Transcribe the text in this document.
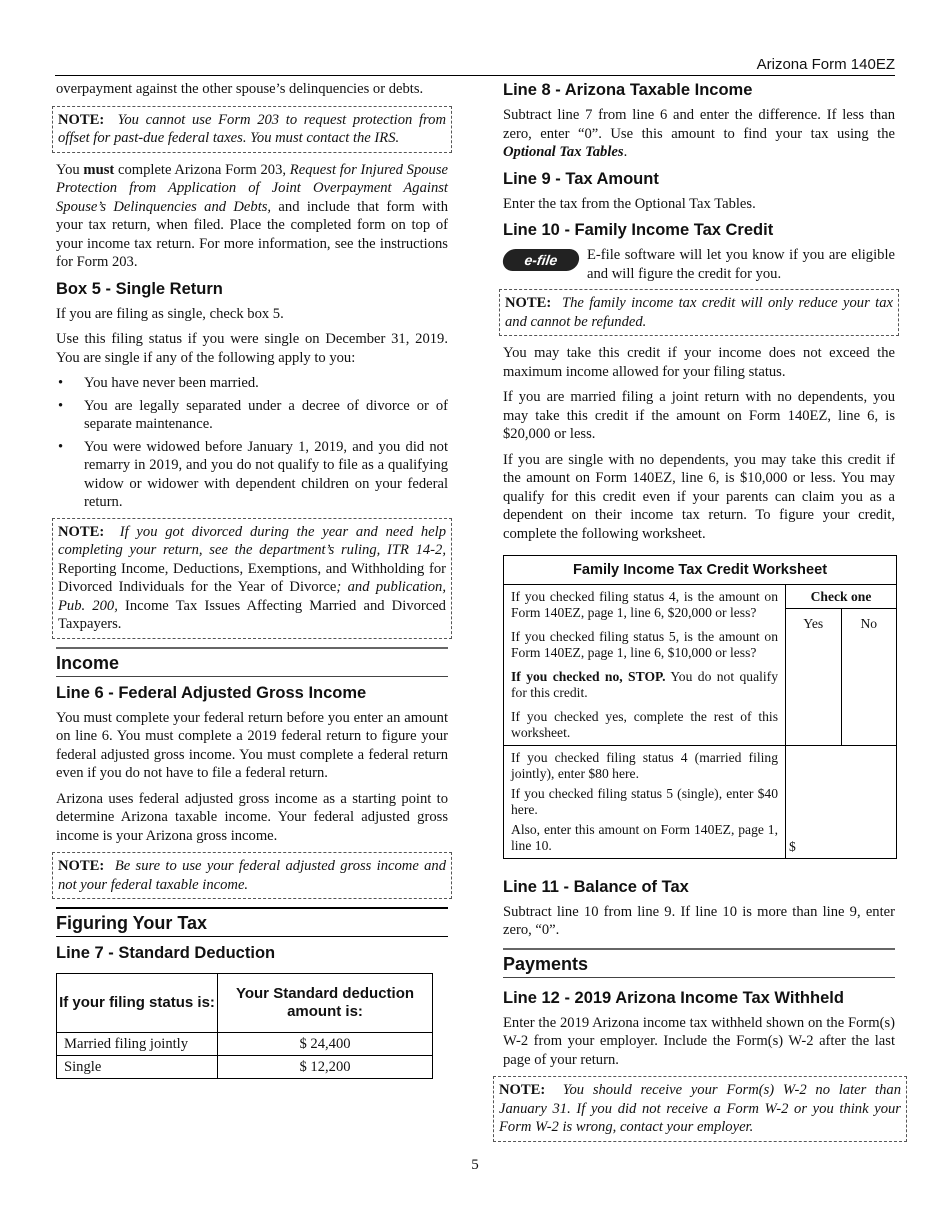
Arizona Form 140EZ

overpayment against the other spouse’s delinquencies or debts.

NOTE: You cannot use Form 203 to request protection from offset for past-due federal taxes. You must contact the IRS.

You must complete Arizona Form 203, Request for Injured Spouse Protection from Application of Joint Overpayment Against Spouse’s Delinquencies and Debts, and include that form with your tax return, when filed. Place the completed form on top of your income tax return. For more information, see the instructions for Form 203.

Box 5 - Single Return

If you are filing as single, check box 5.

Use this filing status if you were single on December 31, 2019. You are single if any of the following apply to you:

• You have never been married.
• You are legally separated under a decree of divorce or of separate maintenance.
• You were widowed before January 1, 2019, and you did not remarry in 2019, and you do not qualify to file as a qualifying widow or widower with dependent children on your federal return.
NOTE: If you got divorced during the year and need help completing your return, see the department’s ruling, ITR 14-2, Reporting Income, Deductions, Exemptions, and Withholding for Divorced Individuals for the Year of Divorce; and publication, Pub. 200, Income Tax Issues Affecting Married and Divorced Taxpayers.
Income
Line 6 - Federal Adjusted Gross Income

You must complete your federal return before you enter an amount on line 6. You must complete a 2019 federal return to figure your federal adjusted gross income. You must complete a federal return even if you do not have to file a federal return.

Arizona uses federal adjusted gross income as a starting point to determine Arizona taxable income. Your federal adjusted gross income is your Arizona gross income.

NOTE: Be sure to use your federal adjusted gross income and not your federal taxable income.
Figuring Your Tax
Line 7 - Standard Deduction
If your filing status is:	Your Standard deduction amount is:
Married filing jointly	$ 24,400
Single	$ 12,200
Line 8 - Arizona Taxable Income

Subtract line 7 from line 6 and enter the difference. If less than zero, enter “0”. Use this amount to find your tax using the Optional Tax Tables.

Line 9 - Tax Amount

Enter the tax from the Optional Tax Tables.

Line 10 - Family Income Tax Credit
e-file	E-file software will let you know if you are eligible and will figure the credit for you.
NOTE: The family income tax credit will only reduce your tax and cannot be refunded.

You may take this credit if your income does not exceed the maximum income allowed for your filing status.

If you are married filing a joint return with no dependents, you may take this credit if the amount on Form 140EZ, line 6, is $20,000 or less.

If you are single with no dependents, you may take this credit if the amount on Form 140EZ, line 6, is $10,000 or less. You may qualify for this credit even if your parents can claim you as a dependent on their income tax return. To figure your credit, complete the following worksheet.

Family Income Tax Credit Worksheet

If you checked filing status 4, is the amount on Form 140EZ, page 1, line 6, $20,000 or less?

If you checked filing status 5, is the amount on Form 140EZ, page 1, line 6, $10,000 or less?

If you checked no, STOP. You do not qualify for this credit.

If you checked yes, complete the rest of this worksheet.

Check one
Yes	No

If you checked filing status 4 (married filing jointly), enter $80 here.

If you checked filing status 5 (single), enter $40 here.

Also, enter this amount on Form 140EZ, page 1, line 10.	$
Line 11 - Balance of Tax

Subtract line 10 from line 9. If line 10 is more than line 9, enter zero, “0”.

Payments
Line 12 - 2019 Arizona Income Tax Withheld

Enter the 2019 Arizona income tax withheld shown on the Form(s) W-2 from your employer. Include the Form(s) W-2 after the last page of your return.

NOTE: You should receive your Form(s) W-2 no later than January 31. If you did not receive a Form W-2 or you think your Form W-2 is wrong, contact your employer.
5
